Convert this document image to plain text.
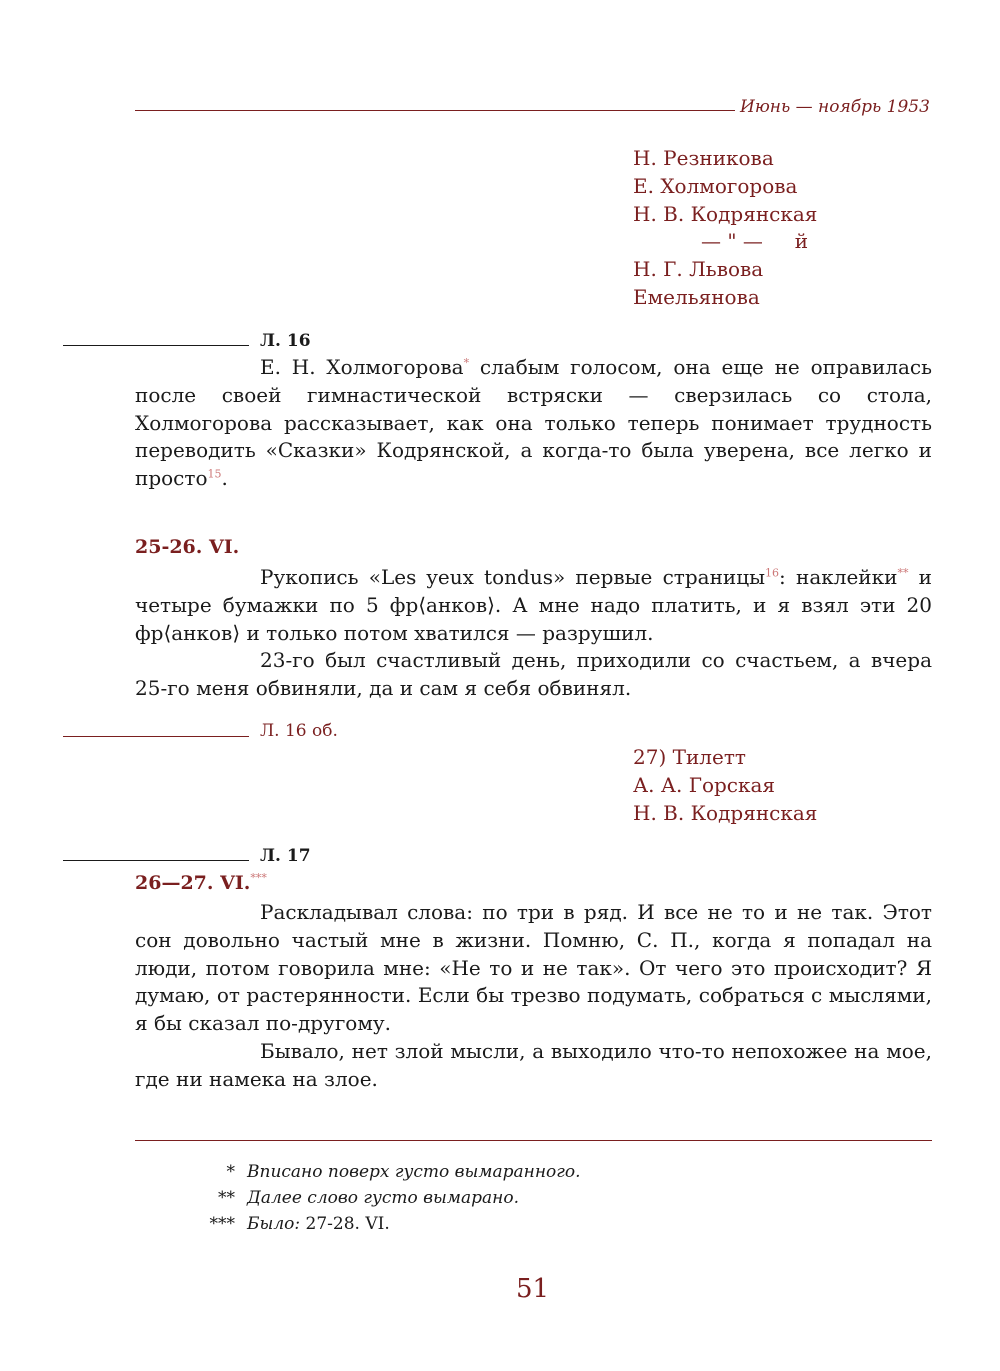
Июнь — ноябрь 1953
Н. Резникова
Е. Холмогорова
Н. В. Кодрянская
— " —     й
Н. Г. Львова
Емельянова
Л. 16
Е. Н. Холмогорова* слабым голосом, она еще не оправилась после своей гимнастической встряски — сверзилась со стола, Холмогорова рассказывает, как она только теперь понимает трудность переводить «Сказки» Кодрянской, а когда-то была уверена, все легко и просто$^{15}$.
25-26. VI.
Рукопись «Les yeux tondus» первые страницы$^{16}$: наклейки** и четыре бумажки по 5 фр⟨анков⟩. А мне надо платить, и я взял эти 20 фр⟨анков⟩ и только потом хватился — разрушил.
23-го был счастливый день, приходили со счастьем, а вчера 25-го меня обвиняли, да и сам я себя обвинял.
Л. 16 об.
27) Тилетт
А. А. Горская
Н. В. Кодрянская
Л. 17
26—27. VI.***
Раскладывал слова: по три в ряд. И все не то и не так. Этот сон довольно частый мне в жизни. Помню, С. П., когда я попадал на люди, потом говорила мне: «Не то и не так». От чего это происходит? Я думаю, от растерянности. Если бы трезво подумать, собраться с мыслями, я бы сказал по-другому.
Бывало, нет злой мысли, а выходило что-то непохожее на мое, где ни намека на злое.
* Вписано поверх густо вымаранного.
** Далее слово густо вымарано.
*** Было: 27-28. VI.
51
